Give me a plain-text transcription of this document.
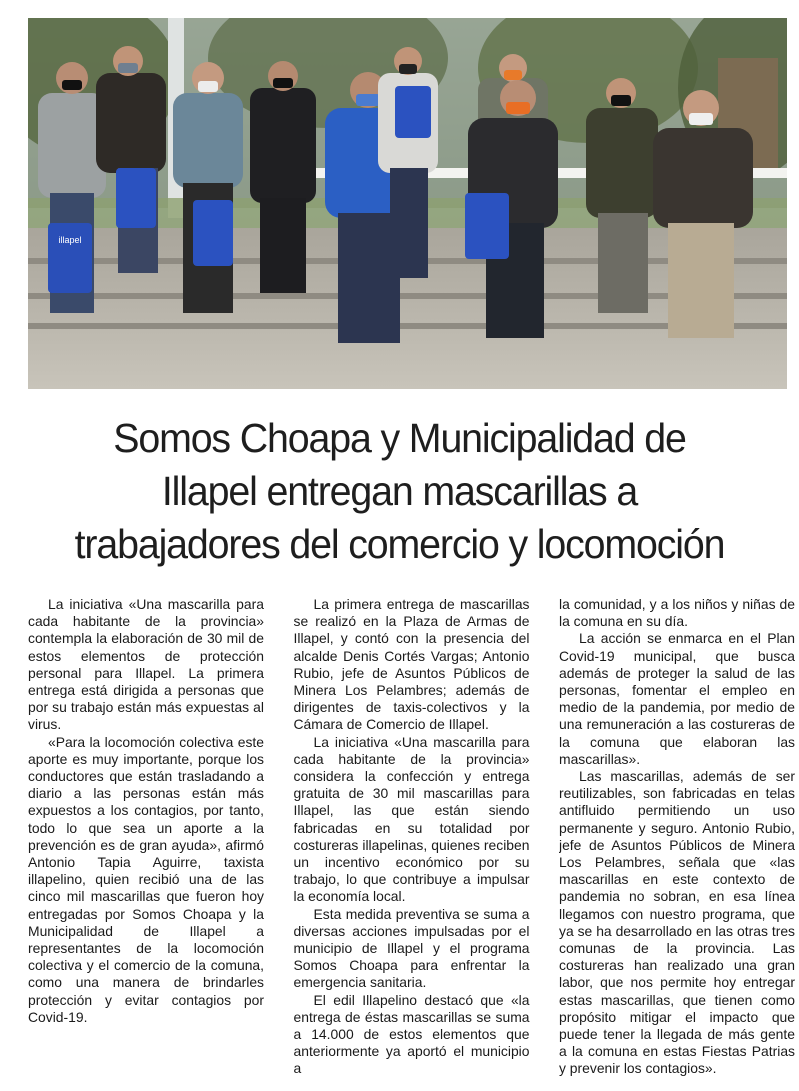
illapel
Somos Choapa y Municipalidad de
Illapel entregan mascarillas a
trabajadores del comercio y locomoción

La iniciativa «Una mascarilla para cada habitante de la provincia» contempla la elaboración de 30 mil de estos elementos de protección personal para Illapel. La primera entrega está dirigida a personas que por su trabajo están más expuestas al virus.

«Para la locomoción colectiva este aporte es muy importante, porque los conductores que están trasladando a diario a las personas están más expuestos a los contagios, por tanto, todo lo que sea un aporte a la prevención es de gran ayuda», afirmó Antonio Tapia Aguirre, taxista illapelino, quien recibió una de las cinco mil mascarillas que fueron hoy entregadas por Somos Choapa y la Municipalidad de Illapel a representantes de la locomoción colectiva y el comercio de la comuna, como una manera de brindarles protección y evitar contagios por Covid-19.

La primera entrega de mascarillas se realizó en la Plaza de Armas de Illapel, y contó con la presencia del alcalde Denis Cortés Vargas; Antonio Rubio, jefe de Asuntos Públicos de Minera Los Pelambres; además de dirigentes de taxis-colectivos y la Cámara de Comercio de Illapel.

La iniciativa «Una mascarilla para cada habitante de la provincia» considera la confección y entrega gratuita de 30 mil mascarillas para Illapel, las que están siendo fabricadas en su totalidad por costureras illapelinas, quienes reciben un incentivo económico por su trabajo, lo que contribuye a impulsar la economía local.

Esta medida preventiva se suma a diversas acciones impulsadas por el municipio de Illapel y el programa Somos Choapa para enfrentar la emergencia sanitaria.

El edil Illapelino destacó que «la entrega de éstas mascarillas se suma a 14.000 de estos elementos que anteriormente ya aportó el municipio a

la comunidad, y a los niños y niñas de la comuna en su día.

La acción se enmarca en el Plan Covid-19 municipal, que busca además de proteger la salud de las personas, fomentar el empleo en medio de la pandemia, por medio de una remuneración a las costureras de la comuna que elaboran las mascarillas».

Las mascarillas, además de ser reutilizables, son fabricadas en telas antifluido permitiendo un uso permanente y seguro. Antonio Rubio, jefe de Asuntos Públicos de Minera Los Pelambres, señala que «las mascarillas en este contexto de pandemia no sobran, en esa línea llegamos con nuestro programa, que ya se ha desarrollado en las otras tres comunas de la provincia. Las costureras han realizado una gran labor, que nos permite hoy entregar estas mascarillas, que tienen como propósito mitigar el impacto que puede tener la llegada de más gente a la comuna en estas Fiestas Patrias y prevenir los contagios».
